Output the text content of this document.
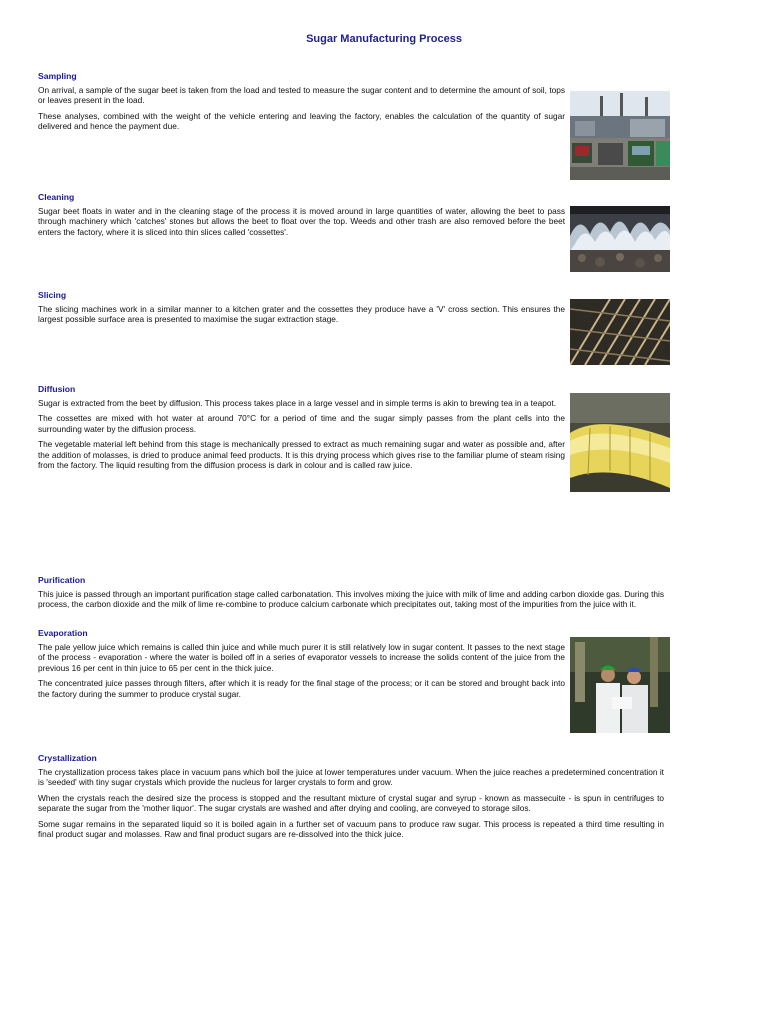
Sugar Manufacturing Process
Sampling

On arrival, a sample of the sugar beet is taken from the load and tested to measure the sugar content and to determine the amount of soil, tops or leaves present in the load.

These analyses, combined with the weight of the vehicle entering and leaving the factory, enables the calculation of the quantity of sugar delivered and hence the payment due.

Cleaning

Sugar beet floats in water and in the cleaning stage of the process it is moved around in large quantities of water, allowing the beet to pass through machinery which 'catches' stones but allows the beet to float over the top. Weeds and other trash are also removed before the beet enters the factory, where it is sliced into thin slices called 'cossettes'.

Slicing

The slicing machines work in a similar manner to a kitchen grater and the cossettes they produce have a 'V' cross section. This ensures the largest possible surface area is presented to maximise the sugar extraction stage.

Diffusion

Sugar is extracted from the beet by diffusion. This process takes place in a large vessel and in simple terms is akin to brewing tea in a teapot.

The cossettes are mixed with hot water at around 70°C for a period of time and the sugar simply passes from the plant cells into the surrounding water by the diffusion process.

The vegetable material left behind from this stage is mechanically pressed to extract as much remaining sugar and water as possible and, after the addition of molasses, is dried to produce animal feed products. It is this drying process which gives rise to the familiar plume of steam rising from the factory. The liquid resulting from the diffusion process is dark in colour and is called raw juice.

Purification

This juice is passed through an important purification stage called carbonatation. This involves mixing the juice with milk of lime and adding carbon dioxide gas. During this process, the carbon dioxide and the milk of lime re-combine to produce calcium carbonate which precipitates out, taking most of the impurities from the juice with it.

Evaporation

The pale yellow juice which remains is called thin juice and while much purer it is still relatively low in sugar content. It passes to the next stage of the process - evaporation - where the water is boiled off in a series of evaporator vessels to increase the solids content of the juice from the previous 16 per cent in thin juice to 65 per cent in the thick juice.

The concentrated juice passes through filters, after which it is ready for the final stage of the process; or it can be stored and brought back into the factory during the summer to produce crystal sugar.

Crystallization

The crystallization process takes place in vacuum pans which boil the juice at lower temperatures under vacuum. When the juice reaches a predetermined concentration it is 'seeded' with tiny sugar crystals which provide the nucleus for larger crystals to form and grow.

When the crystals reach the desired size the process is stopped and the resultant mixture of crystal sugar and syrup - known as massecuite - is spun in centrifuges to separate the sugar from the 'mother liquor'. The sugar crystals are washed and after drying and cooling, are conveyed to storage silos.

Some sugar remains in the separated liquid so it is boiled again in a further set of vacuum pans to produce raw sugar. This process is repeated a third time resulting in final product sugar and molasses. Raw and final product sugars are re-dissolved into the thick juice.
